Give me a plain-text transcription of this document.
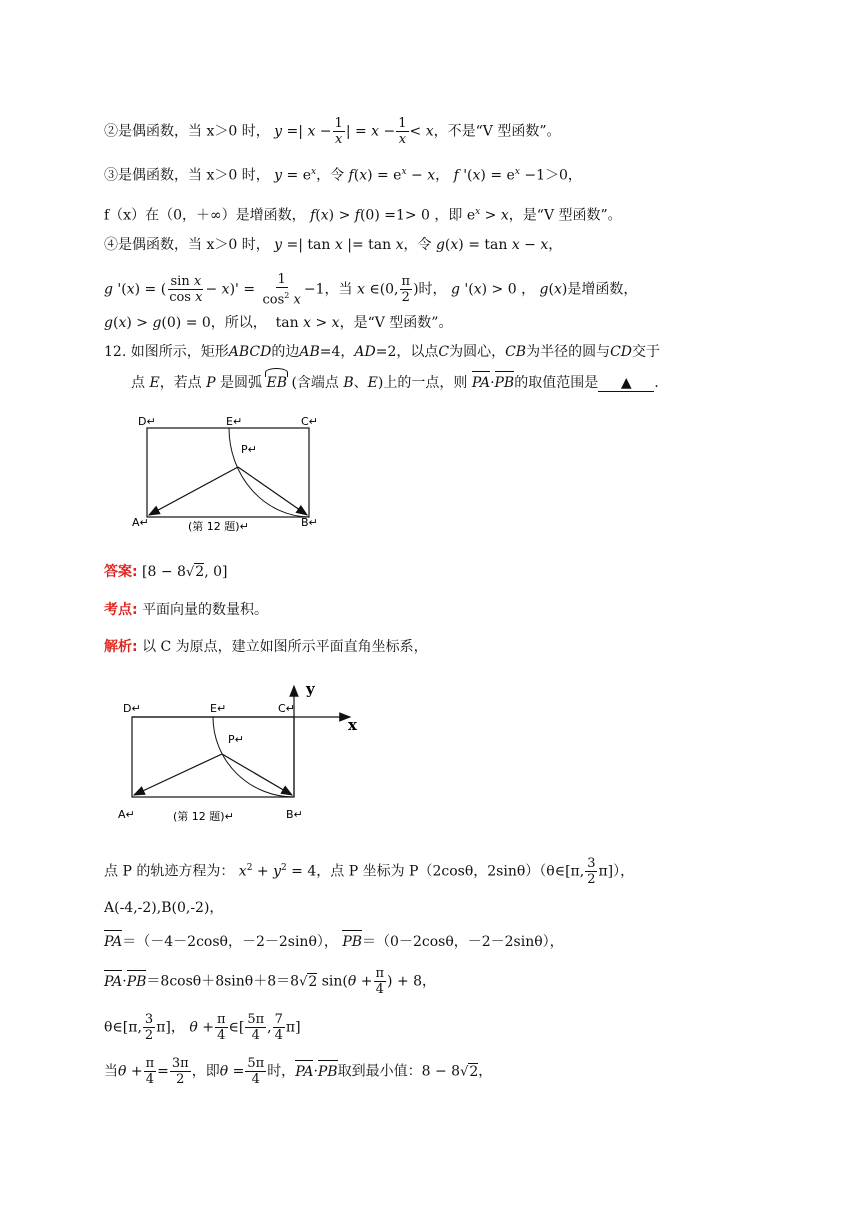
②是偶函数，当 x＞0 时， y =| $x - \frac{1}{x}$ | = $x - \frac{1}{x} < x$，不是“V 型函数”。
③是偶函数，当 x＞0 时， $y = e^x$，令 $f(x) = e^x - x$， f '$(x) = e^x -1>0$，
f（x）在（0，＋∞）是增函数， f(x) > f(0) =1> 0 ，即 $e^x > x$，是“V 型函数”。
④是偶函数，当 x＞0 时， y =| tan x |= tan x，令 g(x) = tan x − x，
g '(x) = ( $\frac{\text{sin x}}{\text{cos x}} - x)' = \frac{1}{\cos^2 x} -1$，当 x ∈(0, $\frac{\pi}{2}$ )时， g '(x) > 0 ， g(x)是增函数，
g(x) > g(0) = 0，所以，  tan x > x，是“V 型函数”。
12. 如图所示，矩形ABCD的边AB=4，AD=2，以点C为圆心，CB为半径的圆与CD交于
点 E，若点 P 是圆弧 EB (含端点 B、E)上的一点，则 PA·PB的取值范围是 ▲ .
D↵	E↵	C↵
P↵
A↵	B↵
(第 12 题)↵
答案: [8 − 8√2, 0]
考点: 平面向量的数量积。
解析: 以 C 为原点，建立如图所示平面直角坐标系，
y
x
D↵	E↵	C↵
P↵
A↵	B↵
(第 12 题)↵
点 P 的轨迹方程为： $x^2 + y^2 = 4$，点 P 坐标为 P（2cosθ，2sinθ）（θ∈[π, $\frac{3}{2} \pi$]），
A(-4,-2),B(0,-2)，
PA＝（－4－2cosθ，－2－2sinθ）， PB＝（0－2cosθ，－2－2sinθ），
PA·PB＝8cosθ＋8sinθ＋8＝8√2 $\sin(\theta + \frac{\pi}{4}$ ) + 8，
θ∈[π, $\frac{3}{2} \pi$]， $\theta + \frac{\pi}{4}$ ∈[ $\frac{5\pi}{4}$ , $\frac{7}{4} \pi$]
当$\theta + \frac{\pi}{4} = \frac{3\pi}{2}$ ，即$\theta = \frac{5\pi}{4}$ 时，PA·PB取到最小值：8 − 8√2，
